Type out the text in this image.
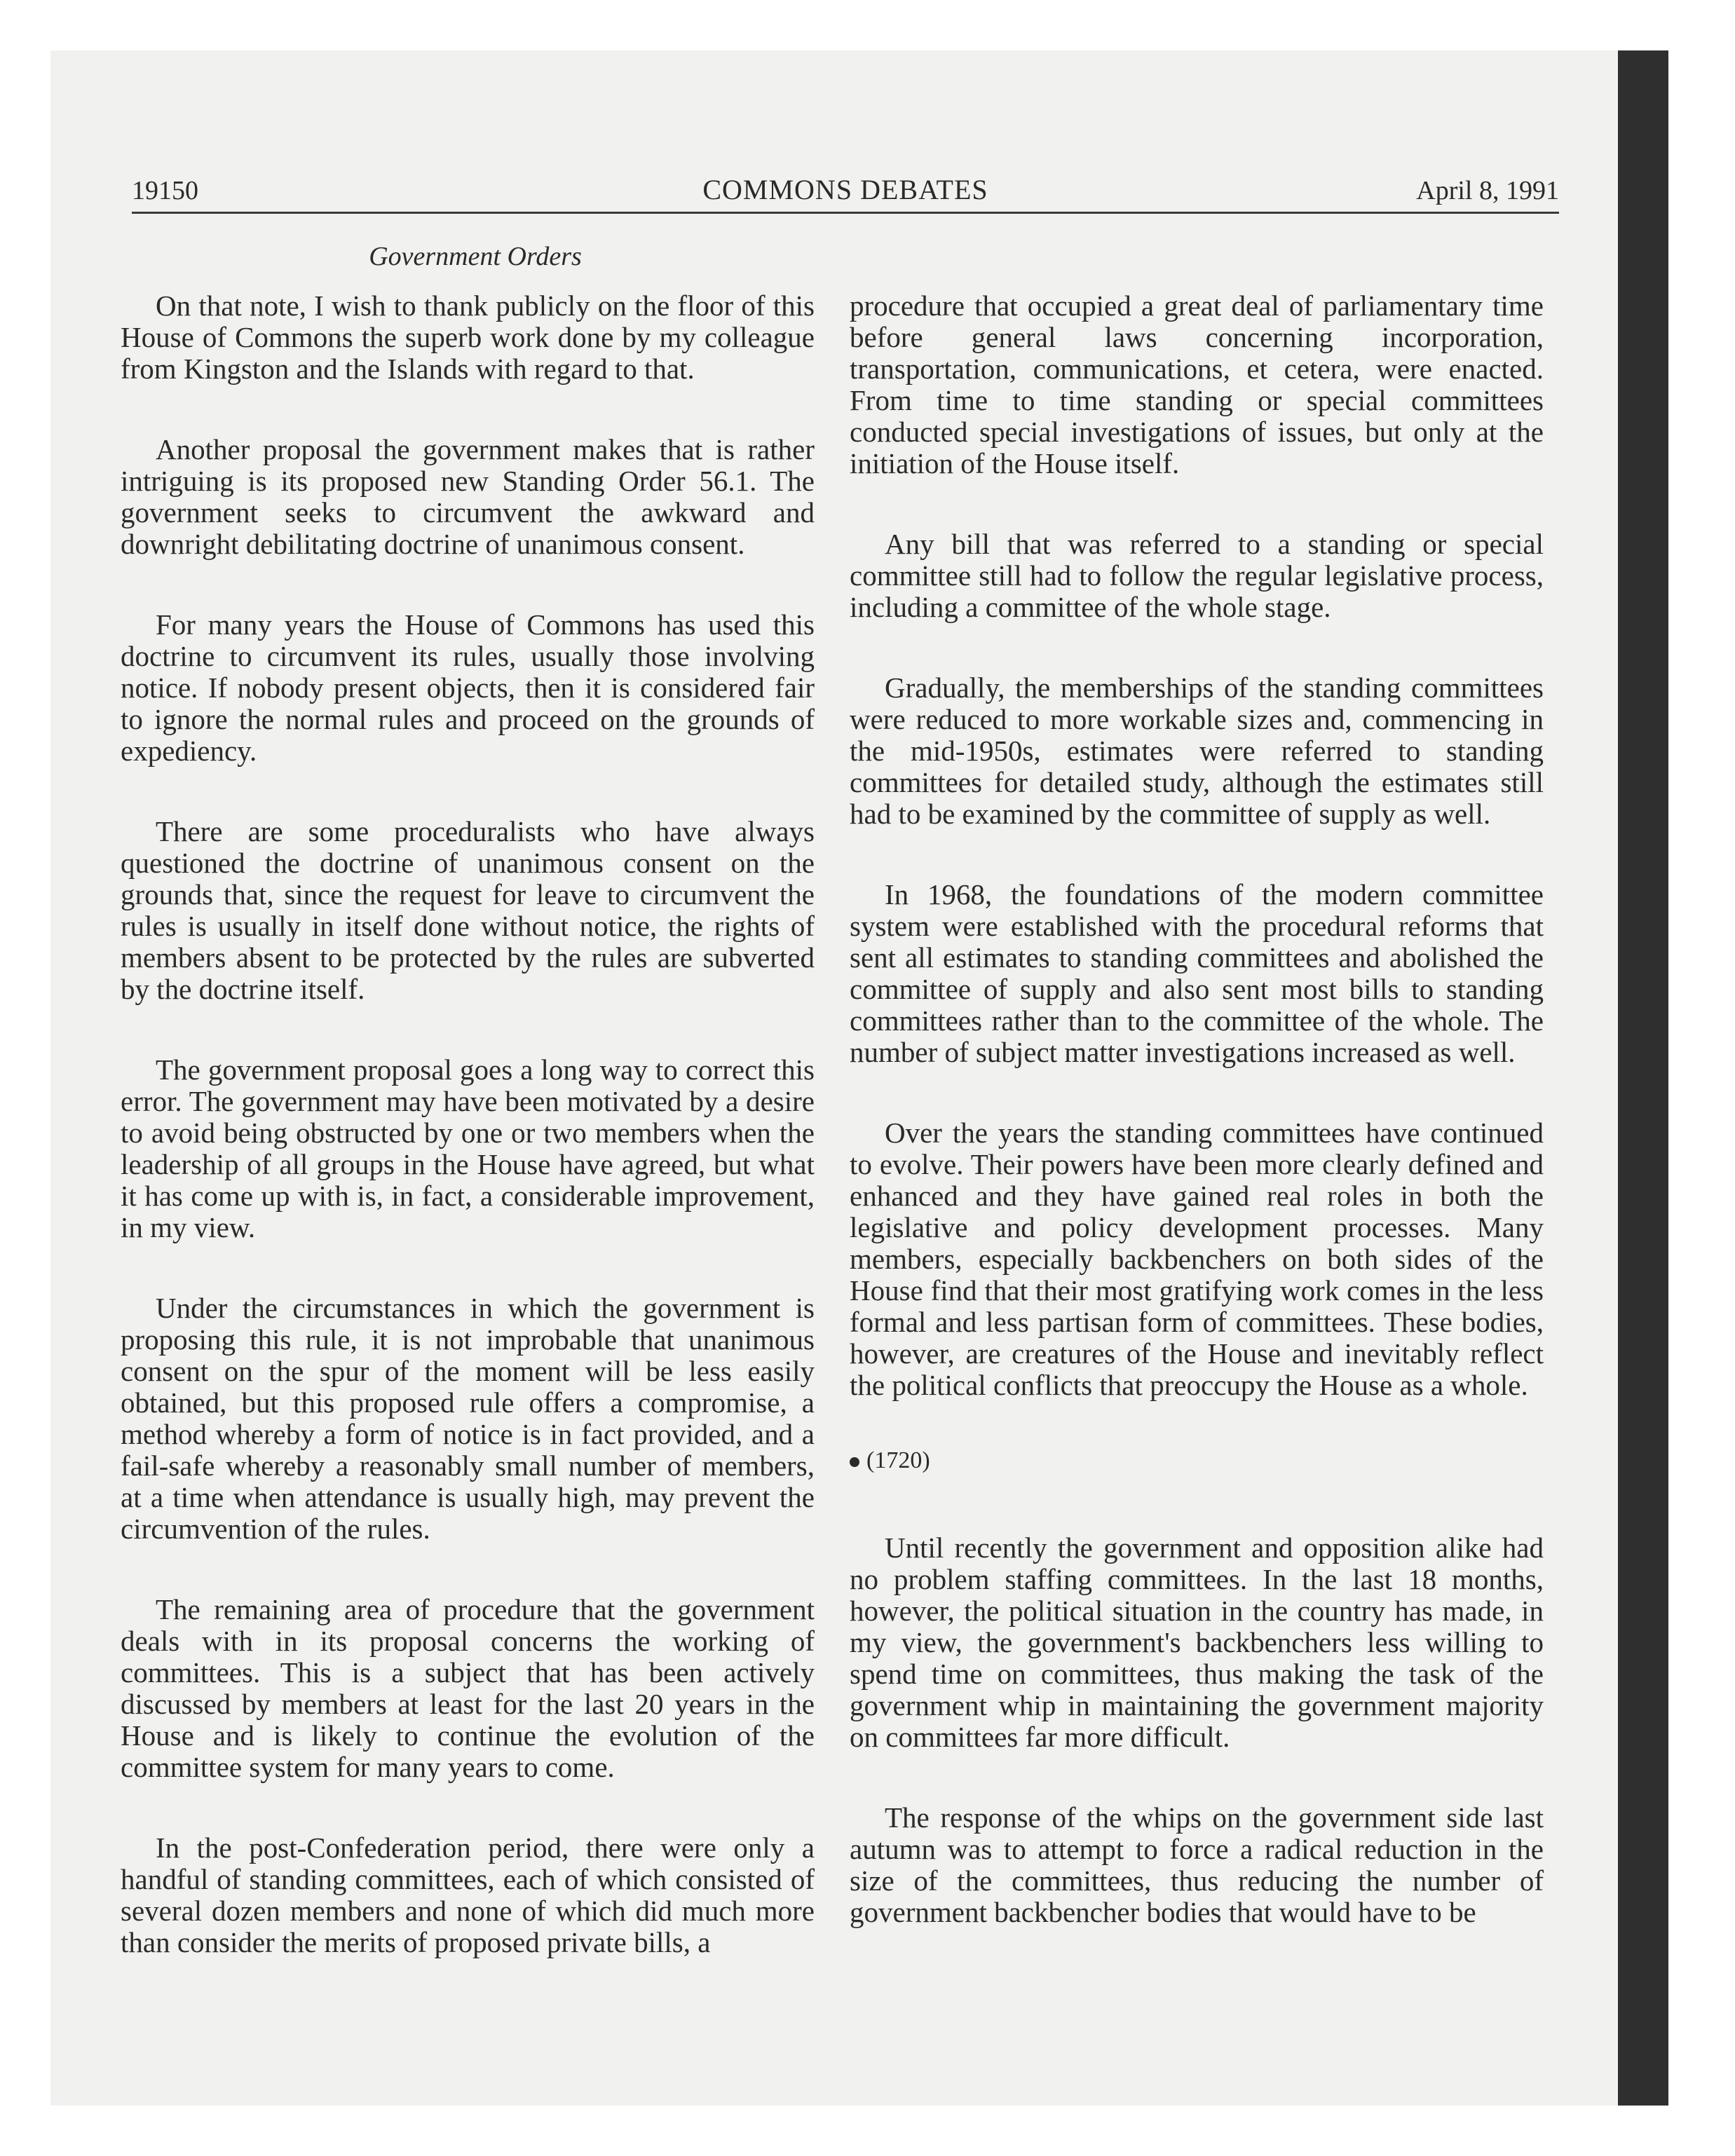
19150	COMMONS DEBATES	April 8, 1991
Government Orders

On that note, I wish to thank publicly on the floor of this House of Commons the superb work done by my colleague from Kingston and the Islands with regard to that.

Another proposal the government makes that is rather intriguing is its proposed new Standing Order 56.1. The government seeks to circumvent the awkward and downright debilitating doctrine of unanimous consent.

For many years the House of Commons has used this doctrine to circumvent its rules, usually those involving notice. If nobody present objects, then it is considered fair to ignore the normal rules and proceed on the grounds of expediency.

There are some proceduralists who have always questioned the doctrine of unanimous consent on the grounds that, since the request for leave to circumvent the rules is usually in itself done without notice, the rights of members absent to be protected by the rules are subverted by the doctrine itself.

The government proposal goes a long way to correct this error. The government may have been motivated by a desire to avoid being obstructed by one or two members when the leadership of all groups in the House have agreed, but what it has come up with is, in fact, a considerable improvement, in my view.

Under the circumstances in which the government is proposing this rule, it is not improbable that unanimous consent on the spur of the moment will be less easily obtained, but this proposed rule offers a compromise, a method whereby a form of notice is in fact provided, and a fail-safe whereby a reasonably small number of members, at a time when attendance is usually high, may prevent the circumvention of the rules.

The remaining area of procedure that the government deals with in its proposal concerns the working of committees. This is a subject that has been actively discussed by members at least for the last 20 years in the House and is likely to continue the evolution of the committee system for many years to come.

In the post-Confederation period, there were only a handful of standing committees, each of which consisted of several dozen members and none of which did much more than consider the merits of proposed private bills, a

procedure that occupied a great deal of parliamentary time before general laws concerning incorporation, transportation, communications, et cetera, were enacted. From time to time standing or special committees conducted special investigations of issues, but only at the initiation of the House itself.

Any bill that was referred to a standing or special committee still had to follow the regular legislative process, including a committee of the whole stage.

Gradually, the memberships of the standing committees were reduced to more workable sizes and, commencing in the mid-1950s, estimates were referred to standing committees for detailed study, although the estimates still had to be examined by the committee of supply as well.

In 1968, the foundations of the modern committee system were established with the procedural reforms that sent all estimates to standing committees and abolished the committee of supply and also sent most bills to standing committees rather than to the committee of the whole. The number of subject matter investigations increased as well.

Over the years the standing committees have continued to evolve. Their powers have been more clearly defined and enhanced and they have gained real roles in both the legislative and policy development processes. Many members, especially backbenchers on both sides of the House find that their most gratifying work comes in the less formal and less partisan form of committees. These bodies, however, are creatures of the House and inevitably reflect the political conflicts that preoccupy the House as a whole.

(1720)

Until recently the government and opposition alike had no problem staffing committees. In the last 18 months, however, the political situation in the country has made, in my view, the government's backbenchers less willing to spend time on committees, thus making the task of the government whip in maintaining the government majority on committees far more difficult.

The response of the whips on the government side last autumn was to attempt to force a radical reduction in the size of the committees, thus reducing the number of government backbencher bodies that would have to be
